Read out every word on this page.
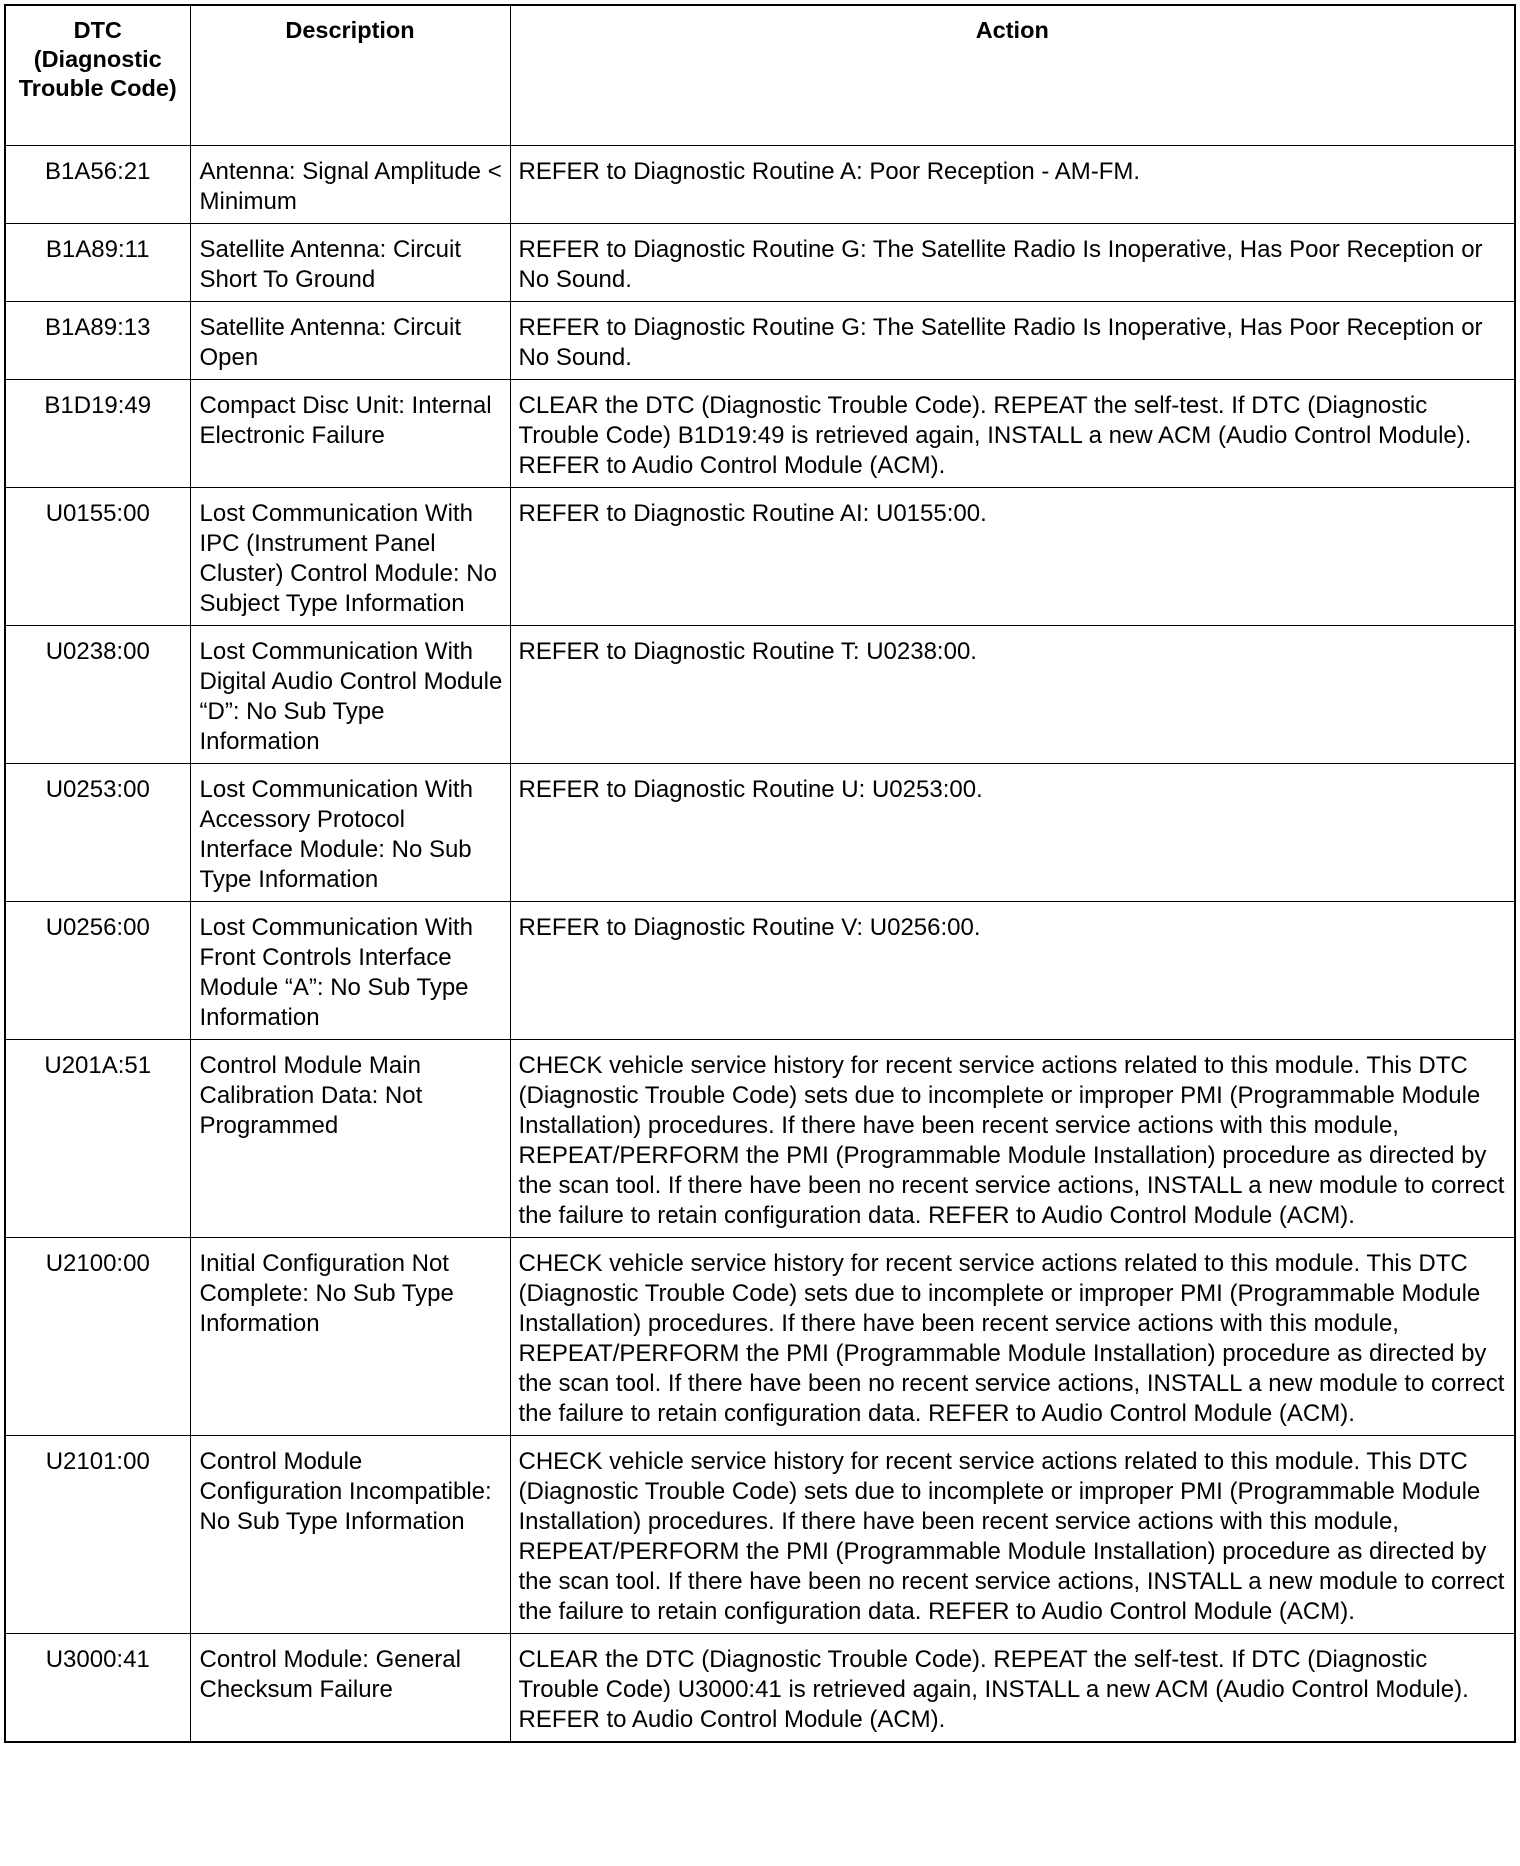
DTC (Diagnostic Trouble Code)	Description	Action
B1A56:21	Antenna: Signal Amplitude < Minimum	REFER to Diagnostic Routine A: Poor Reception - AM-FM.
B1A89:11	Satellite Antenna: Circuit Short To Ground	REFER to Diagnostic Routine G: The Satellite Radio Is Inoperative, Has Poor Reception or No Sound.
B1A89:13	Satellite Antenna: Circuit Open	REFER to Diagnostic Routine G: The Satellite Radio Is Inoperative, Has Poor Reception or No Sound.
B1D19:49	Compact Disc Unit: Internal Electronic Failure	CLEAR the DTC (Diagnostic Trouble Code). REPEAT the self-test. If DTC (Diagnostic Trouble Code) B1D19:49 is retrieved again, INSTALL a new ACM (Audio Control Module). REFER to Audio Control Module (ACM).
U0155:00	Lost Communication With IPC (Instrument Panel Cluster) Control Module: No Subject Type Information	REFER to Diagnostic Routine AI: U0155:00.
U0238:00	Lost Communication With Digital Audio Control Module “D”: No Sub Type Information	REFER to Diagnostic Routine T: U0238:00.
U0253:00	Lost Communication With Accessory Protocol Interface Module: No Sub Type Information	REFER to Diagnostic Routine U: U0253:00.
U0256:00	Lost Communication With Front Controls Interface Module “A”: No Sub Type Information	REFER to Diagnostic Routine V: U0256:00.
U201A:51	Control Module Main Calibration Data: Not Programmed	CHECK vehicle service history for recent service actions related to this module. This DTC (Diagnostic Trouble Code) sets due to incomplete or improper PMI (Programmable Module Installation) procedures. If there have been recent service actions with this module, REPEAT/PERFORM the PMI (Programmable Module Installation) procedure as directed by the scan tool. If there have been no recent service actions, INSTALL a new module to correct the failure to retain configuration data. REFER to Audio Control Module (ACM).
U2100:00	Initial Configuration Not Complete: No Sub Type Information	CHECK vehicle service history for recent service actions related to this module. This DTC (Diagnostic Trouble Code) sets due to incomplete or improper PMI (Programmable Module Installation) procedures. If there have been recent service actions with this module, REPEAT/PERFORM the PMI (Programmable Module Installation) procedure as directed by the scan tool. If there have been no recent service actions, INSTALL a new module to correct the failure to retain configuration data. REFER to Audio Control Module (ACM).
U2101:00	Control Module Configuration Incompatible: No Sub Type Information	CHECK vehicle service history for recent service actions related to this module. This DTC (Diagnostic Trouble Code) sets due to incomplete or improper PMI (Programmable Module Installation) procedures. If there have been recent service actions with this module, REPEAT/PERFORM the PMI (Programmable Module Installation) procedure as directed by the scan tool. If there have been no recent service actions, INSTALL a new module to correct the failure to retain configuration data. REFER to Audio Control Module (ACM).
U3000:41	Control Module: General Checksum Failure	CLEAR the DTC (Diagnostic Trouble Code). REPEAT the self-test. If DTC (Diagnostic Trouble Code) U3000:41 is retrieved again, INSTALL a new ACM (Audio Control Module). REFER to Audio Control Module (ACM).
